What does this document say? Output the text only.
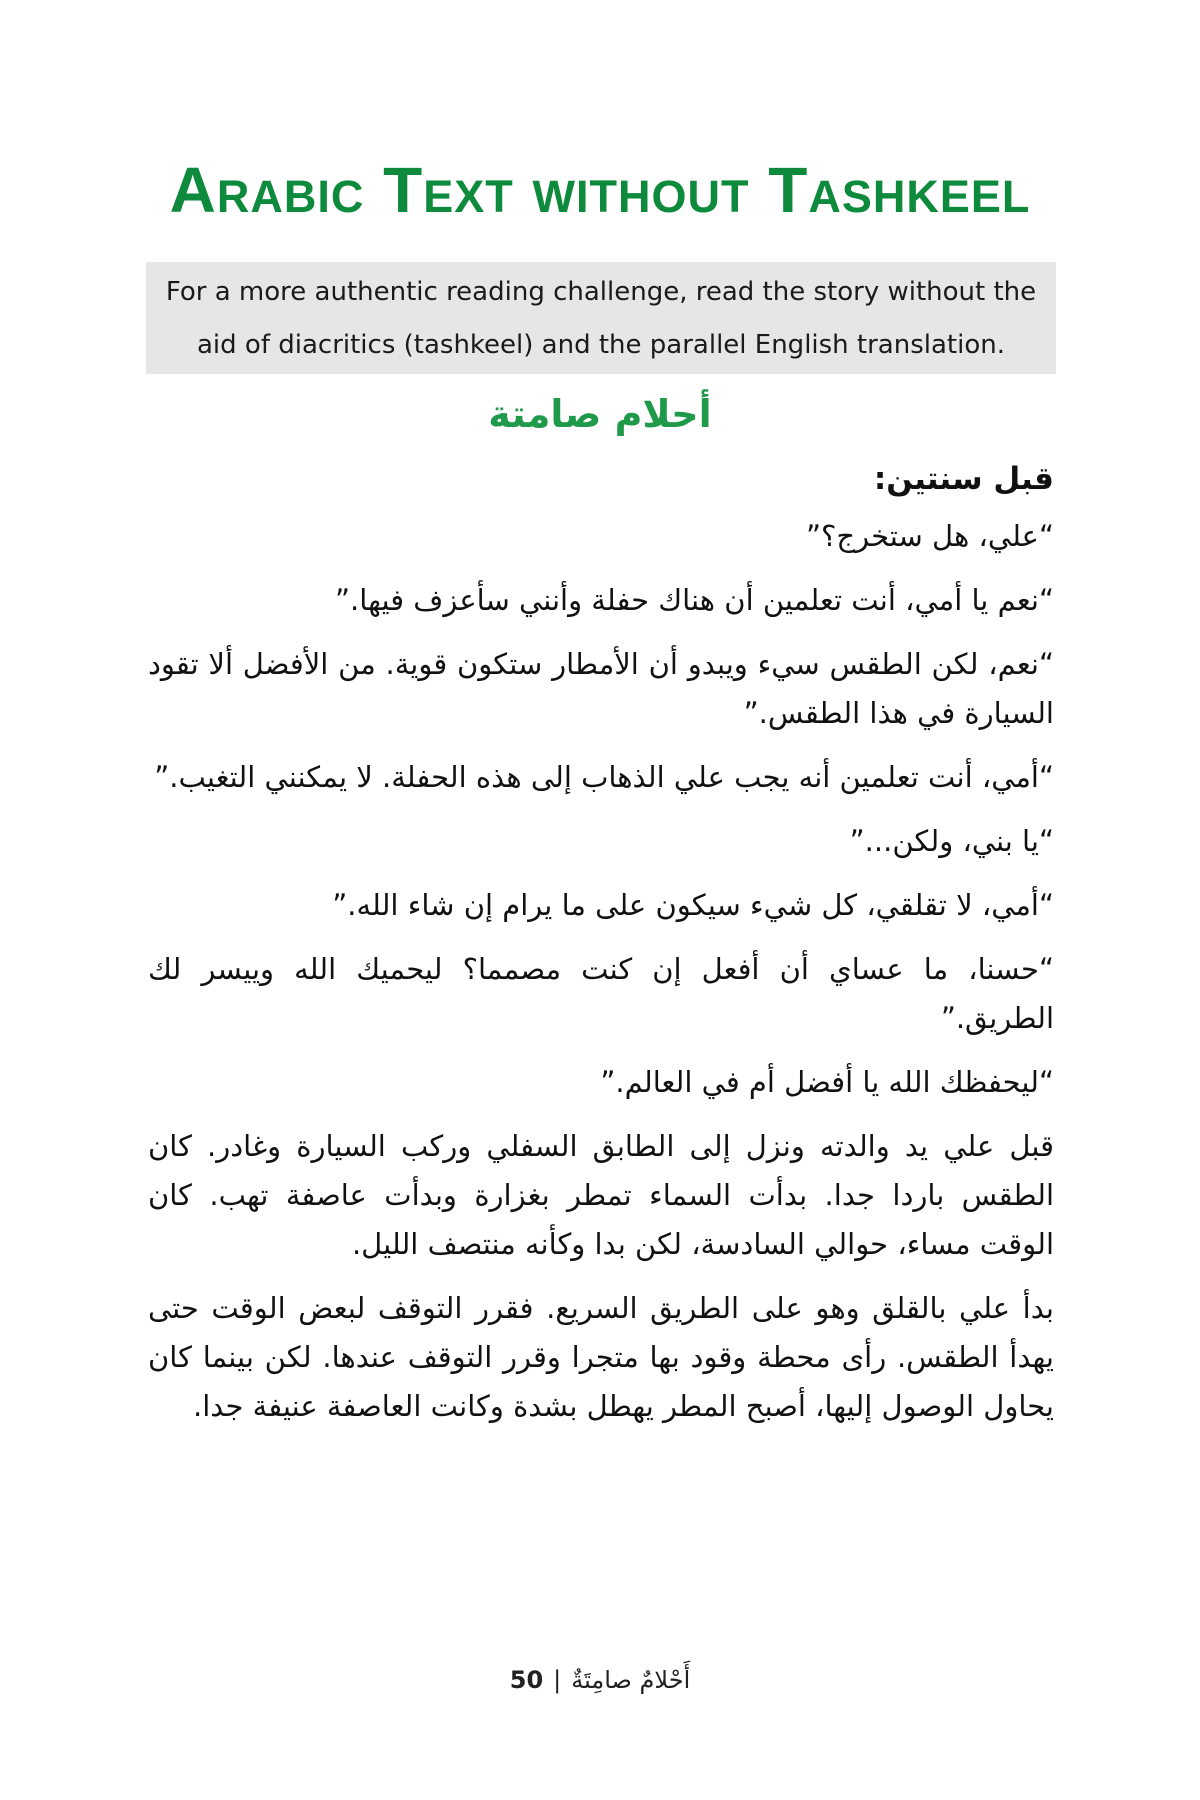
Arabic Text without Tashkeel
For a more authentic reading challenge, read the story without the aid of diacritics (tashkeel) and the parallel English translation.
أحلام صامتة

قبل سنتين:

“علي، هل ستخرج؟”

“نعم يا أمي، أنت تعلمين أن هناك حفلة وأنني سأعزف فيها.”

“نعم، لكن الطقس سيء ويبدو أن الأمطار ستكون قوية. من الأفضل ألا تقود السيارة في هذا الطقس.”

“أمي، أنت تعلمين أنه يجب علي الذهاب إلى هذه الحفلة. لا يمكنني التغيب.”

“يا بني، ولكن...”

“أمي، لا تقلقي، كل شيء سيكون على ما يرام إن شاء الله.”

“حسنا، ما عساي أن أفعل إن كنت مصمما؟ ليحميك الله وييسر لك الطريق.”

“ليحفظك الله يا أفضل أم في العالم.”

قبل علي يد والدته ونزل إلى الطابق السفلي وركب السيارة وغادر. كان الطقس باردا جدا. بدأت السماء تمطر بغزارة وبدأت عاصفة تهب. كان الوقت مساء، حوالي السادسة، لكن بدا وكأنه منتصف الليل.

بدأ علي بالقلق وهو على الطريق السريع. فقرر التوقف لبعض الوقت حتى يهدأ الطقس. رأى محطة وقود بها متجرا وقرر التوقف عندها. لكن بينما كان يحاول الوصول إليها، أصبح المطر يهطل بشدة وكانت العاصفة عنيفة جدا.

50 | أَحْلامٌ صامِتَةٌ
